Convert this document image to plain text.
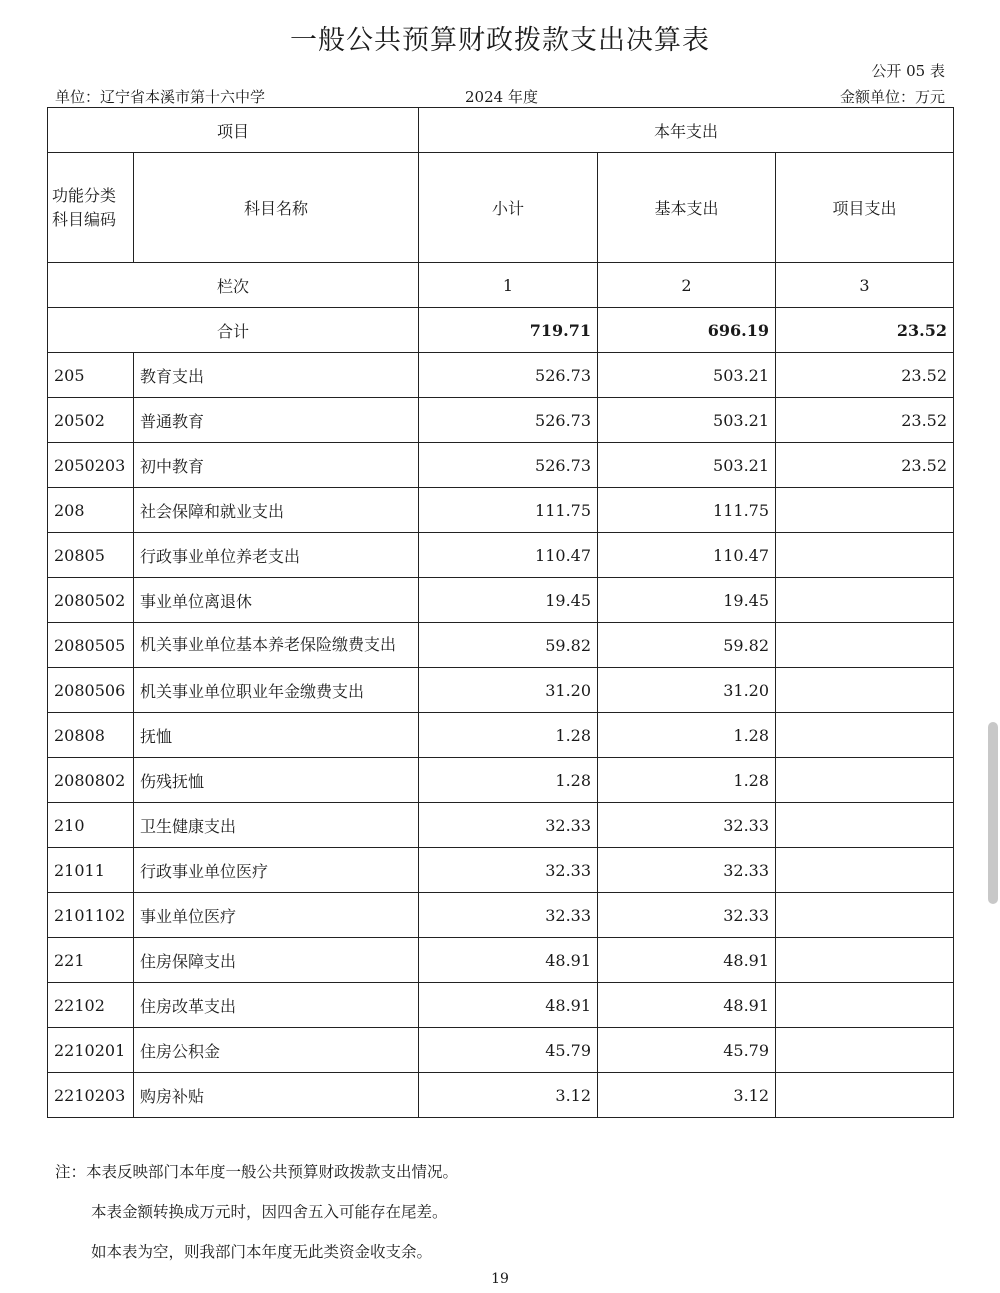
一般公共预算财政拨款支出决算表
公开 05 表
单位：辽宁省本溪市第十六中学	2024 年度	金额单位：万元
项目		本年支出		
功能分类科目编码	科目名称	小计	基本支出	项目支出
栏次		1	2	3
合计		719.71	696.19	23.52
205	教育支出	526.73	503.21	23.52
20502	普通教育	526.73	503.21	23.52
2050203	初中教育	526.73	503.21	23.52
208	社会保障和就业支出	111.75	111.75	
20805	行政事业单位养老支出	110.47	110.47	
2080502	事业单位离退休	19.45	19.45	
2080505	机关事业单位基本养老保险缴费支出	59.82	59.82	
2080506	机关事业单位职业年金缴费支出	31.20	31.20	
20808	抚恤	1.28	1.28	
2080802	伤残抚恤	1.28	1.28	
210	卫生健康支出	32.33	32.33	
21011	行政事业单位医疗	32.33	32.33	
2101102	事业单位医疗	32.33	32.33	
221	住房保障支出	48.91	48.91	
22102	住房改革支出	48.91	48.91	
2210201	住房公积金	45.79	45.79	
2210203	购房补贴	3.12	3.12	
注：本表反映部门本年度一般公共预算财政拨款支出情况。
本表金额转换成万元时，因四舍五入可能存在尾差。
如本表为空，则我部门本年度无此类资金收支余。
19
